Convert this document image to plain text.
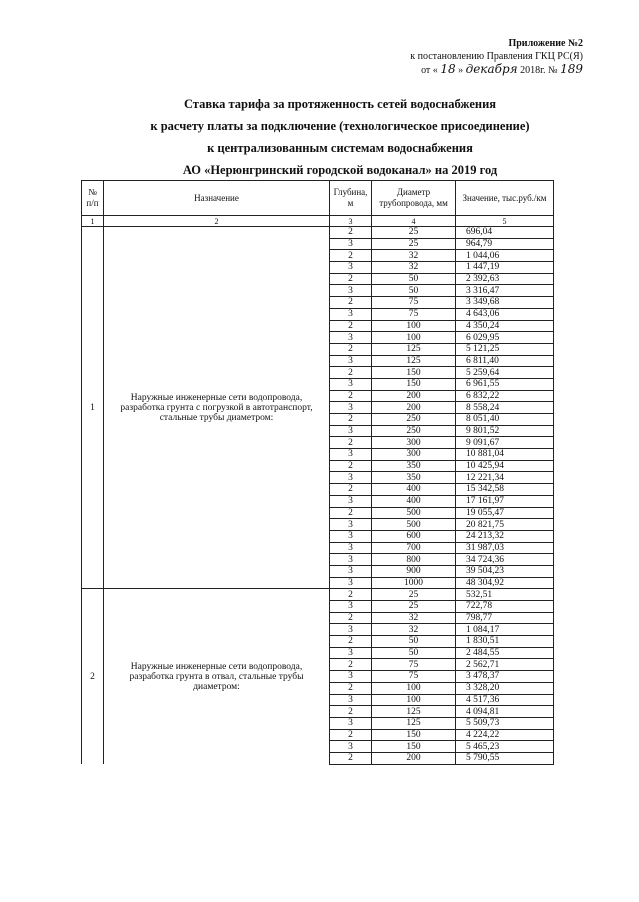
Приложение №2
к постановлению Правления ГКЦ РС(Я)
от « 18 » декабря 2018г. № 189
Ставка тарифа за протяженность сетей водоснабжения
к расчету платы за подключение (технологическое присоединение)
к централизованным системам водоснабжения
АО «Нерюнгринский городской водоканал» на 2019 год
№ п/п	Назначение	Глубина, м	Диаметр трубопровода, мм	Значение, тыс.руб./км
1	2	3	4	5
1	Наружные инженерные сети водопровода, разработка грунта с погрузкой в автотранспорт, стальные трубы диаметром:	2	25	696,04
		3	25	964,79
		2	32	1 044,06
		3	32	1 447,19
		2	50	2 392,63
		3	50	3 316,47
		2	75	3 349,68
		3	75	4 643,06
		2	100	4 350,24
		3	100	6 029,95
		2	125	5 121,25
		3	125	6 811,40
		2	150	5 259,64
		3	150	6 961,55
		2	200	6 832,22
		3	200	8 558,24
		2	250	8 051,40
		3	250	9 801,52
		2	300	9 091,67
		3	300	10 881,04
		2	350	10 425,94
		3	350	12 221,34
		2	400	15 342,58
		3	400	17 161,97
		2	500	19 055,47
		3	500	20 821,75
		3	600	24 213,32
		3	700	31 987,03
		3	800	34 724,36
		3	900	39 504,23
		3	1000	48 304,92
2	Наружные инженерные сети водопровода, разработка грунта в отвал, стальные трубы диаметром:	2	25	532,51
		3	25	722,78
		2	32	798,77
		3	32	1 084,17
		2	50	1 830,51
		3	50	2 484,55
		2	75	2 562,71
		3	75	3 478,37
		2	100	3 328,20
		3	100	4 517,36
		2	125	4 094,81
		3	125	5 509,73
		2	150	4 224,22
		3	150	5 465,23
		2	200	5 790,55
